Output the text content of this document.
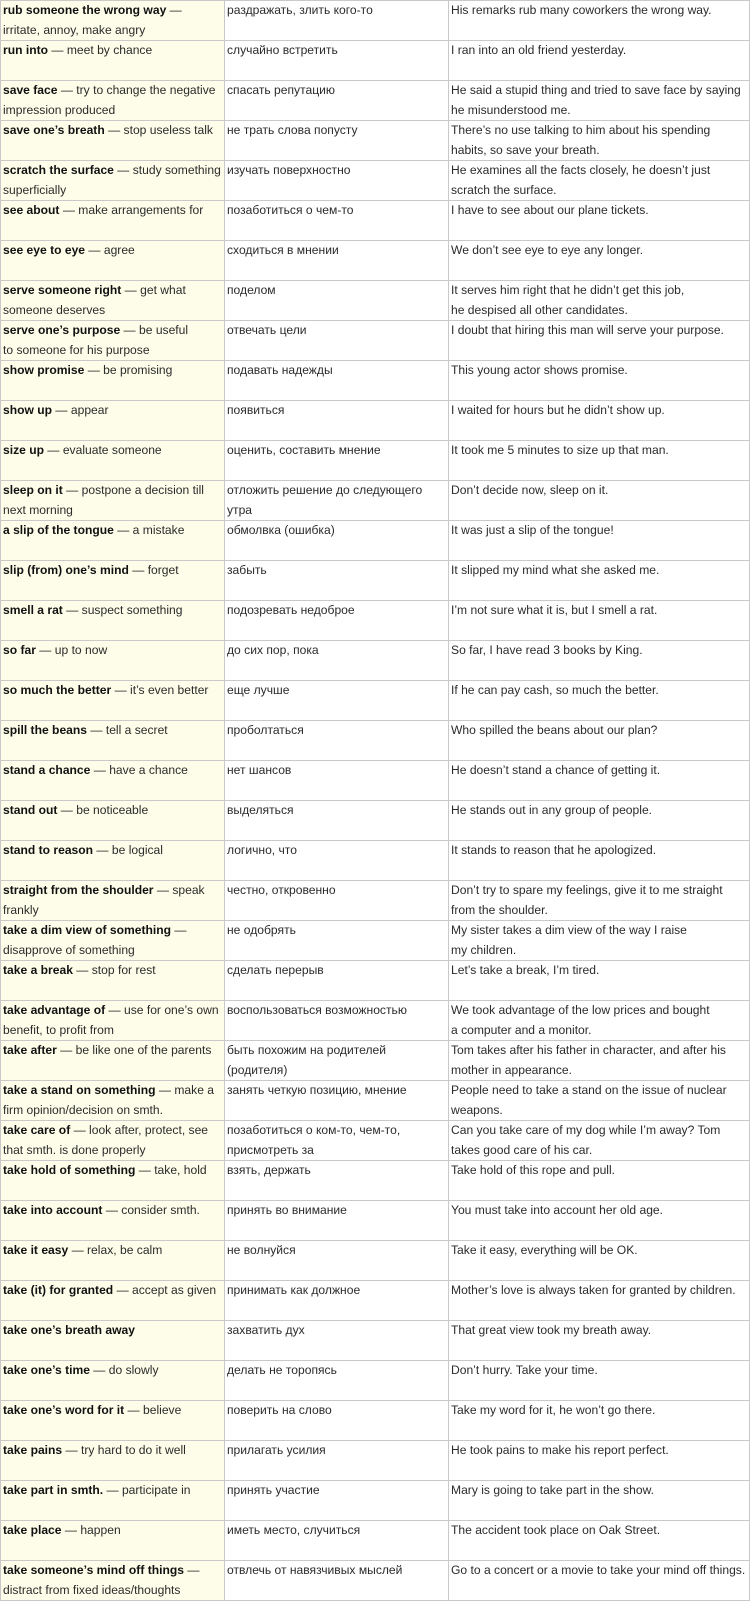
rub someone the wrong way — irritate, annoy, make angry	раздражать, злить кого-то	His remarks rub many coworkers the wrong way.

run into — meet by chance	случайно встретить	I ran into an old friend yesterday.

save face — try to change the negative impression produced	спасать репутацию	He said a stupid thing and tried to save face by saying he misunderstood me.

save one’s breath — stop useless talk	не трать слова попусту	There’s no use talking to him about his spending habits, so save your breath.

scratch the surface — study something superficially	изучать поверхностно	He examines all the facts closely, he doesn’t just scratch the surface.

see about — make arrangements for	позаботиться о чем-то	I have to see about our plane tickets.

see eye to eye — agree	сходиться в мнении	We don’t see eye to eye any longer.

serve someone right — get what someone deserves	поделом	It serves him right that he didn’t get this job,
he despised all other candidates.

serve one’s purpose — be useful
to someone for his purpose	отвечать цели	I doubt that hiring this man will serve your purpose.

show promise — be promising	подавать надежды	This young actor shows promise.

show up — appear	появиться	I waited for hours but he didn’t show up.

size up — evaluate someone	оценить, составить мнение	It took me 5 minutes to size up that man.

sleep on it — postpone a decision till next morning	отложить решение до следующего утра	Don’t decide now, sleep on it.

a slip of the tongue — a mistake	обмолвка (ошибка)	It was just a slip of the tongue!

slip (from) one’s mind — forget	забыть	It slipped my mind what she asked me.

smell a rat — suspect something	подозревать недоброе	I’m not sure what it is, but I smell a rat.

so far — up to now	до сих пор, пока	So far, I have read 3 books by King.

so much the better — it’s even better	еще лучше	If he can pay cash, so much the better.

spill the beans — tell a secret	проболтаться	Who spilled the beans about our plan?

stand a chance — have a chance	нет шансов	He doesn’t stand a chance of getting it.

stand out — be noticeable	выделяться	He stands out in any group of people.

stand to reason — be logical	логично, что	It stands to reason that he apologized.

straight from the shoulder — speak frankly	честно, откровенно	Don’t try to spare my feelings, give it to me straight from the shoulder.

take a dim view of something — disapprove of something	не одобрять	My sister takes a dim view of the way I raise
my children.

take a break — stop for rest	сделать перерыв	Let’s take a break, I’m tired.

take advantage of — use for one’s own benefit, to profit from	воспользоваться возможностью	We took advantage of the low prices and bought
a computer and a monitor.

take after — be like one of the parents	быть похожим на родителей (родителя)	Tom takes after his father in character, and after his mother in appearance.

take a stand on something — make a firm opinion/decision on smth.	занять четкую позицию, мнение	People need to take a stand on the issue of nuclear weapons.

take care of — look after, protect, see that smth. is done properly	позаботиться о ком-то, чем-то,
присмотреть за	Can you take care of my dog while I’m away? Tom takes good care of his car.

take hold of something — take, hold	взять, держать	Take hold of this rope and pull.

take into account — consider smth.	принять во внимание	You must take into account her old age.

take it easy — relax, be calm	не волнуйся	Take it easy, everything will be OK.

take (it) for granted — accept as given	принимать как должное	Mother’s love is always taken for granted by children.

take one’s breath away	захватить дух	That great view took my breath away.

take one’s time — do slowly	делать не торопясь	Don’t hurry. Take your time.

take one’s word for it — believe	поверить на слово	Take my word for it, he won’t go there.

take pains — try hard to do it well	прилагать усилия	He took pains to make his report perfect.

take part in smth. — participate in	принять участие	Mary is going to take part in the show.

take place — happen	иметь место, случиться	The accident took place on Oak Street.

take someone’s mind off things — distract from fixed ideas/thoughts	отвлечь от навязчивых мыслей	Go to a concert or a movie to take your mind off things.
